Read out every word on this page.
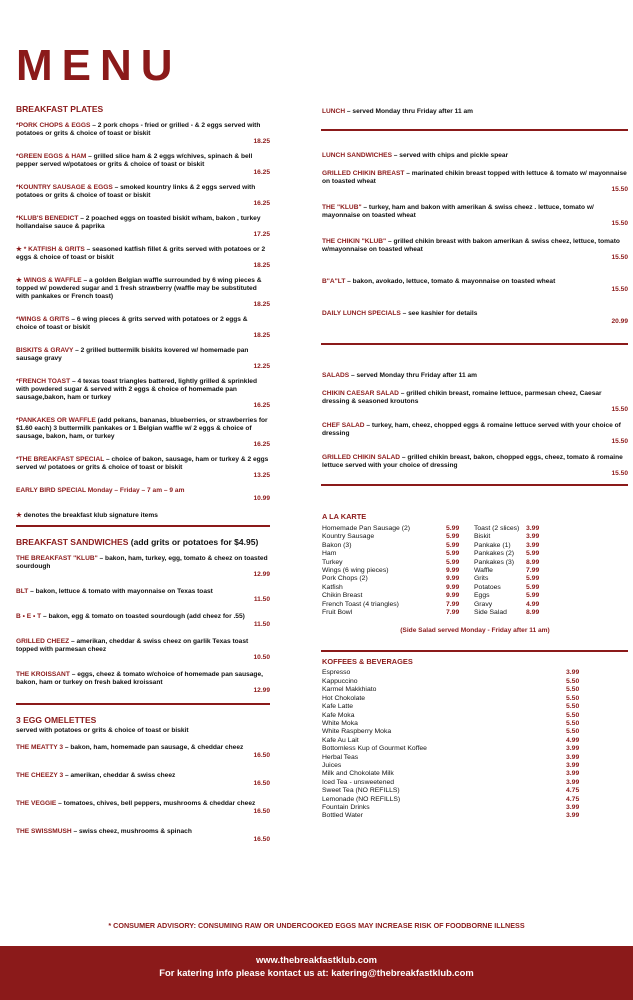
MENU
BREAKFAST PLATES
*PORK CHOPS & EGGS – 2 pork chops - fried or grilled - & 2 eggs served with potatoes or grits & choice of toast or biskit
18.25
*GREEN EGGS & HAM – grilled slice ham & 2 eggs w/chives, spinach & bell pepper served w/potatoes or grits & choice of toast or biskit
16.25
*KOUNTRY SAUSAGE & EGGS – smoked kountry links & 2 eggs served with potatoes or grits & choice of toast or biskit
16.25
*KLUB'S BENEDICT – 2 poached eggs on toasted biskit w/ham, bakon , turkey hollandaise sauce & paprika
17.25
★ * KATFISH & GRITS – seasoned katfish fillet & grits served with potatoes or 2 eggs & choice of toast or biskit
18.25
★ WINGS & WAFFLE – a golden Belgian waffle surrounded by 6 wing pieces & topped w/ powdered sugar and 1 fresh strawberry (waffle may be substituted with pankakes or French toast)
18.25
*WINGS & GRITS – 6 wing pieces & grits served with potatoes or 2 eggs & choice of toast or biskit
18.25
BISKITS & GRAVY – 2 grilled buttermilk biskits kovered w/ homemade pan sausage gravy
12.25
*FRENCH TOAST – 4 texas toast triangles battered, lightly grilled & sprinkled with powdered sugar & served with 2 eggs & choice of homemade pan sausage,bakon, ham or turkey
16.25
*PANKAKES OR WAFFLE (add pekans, bananas, blueberries, or strawberries for $1.60 each) 3 buttermilk pankakes or 1 Belgian waffle w/ 2 eggs & choice of sausage, bakon, ham, or turkey
16.25
*THE BREAKFAST SPECIAL – choice of bakon, sausage, ham or turkey & 2 eggs served w/ potatoes or grits & choice of toast or biskit
13.25
EARLY BIRD SPECIAL Monday – Friday – 7 am – 9 am
10.99
★ denotes the breakfast klub signature items
BREAKFAST SANDWICHES (add grits or potatoes for $4.95)
THE BREAKFAST "KLUB" – bakon, ham, turkey, egg, tomato & cheez on toasted sourdough
12.99
BLT – bakon, lettuce & tomato with mayonnaise on Texas toast
11.50
B • E • T – bakon, egg & tomato on toasted sourdough (add cheez for .55)
11.50
GRILLED CHEEZ – amerikan, cheddar & swiss cheez on garlik Texas toast topped with parmesan cheez
10.50
THE KROISSANT – eggs, cheez & tomato w/choice of homemade pan sausage, bakon, ham or turkey on fresh baked kroissant
12.99
3 EGG OMELETTES
served with potatoes or grits & choice of toast or biskit
THE MEATTY 3 – bakon, ham, homemade pan sausage, & cheddar cheez
16.50
THE CHEEZY 3 – amerikan, cheddar & swiss cheez
16.50
THE VEGGIE – tomatoes, chives, bell peppers, mushrooms & cheddar cheez
16.50
THE SWISSMUSH – swiss cheez, mushrooms & spinach
16.50
LUNCH – served Monday thru Friday after 11 am
LUNCH SANDWICHES – served with chips and pickle spear
GRILLED CHIKIN BREAST – marinated chikin breast topped with lettuce & tomato w/ mayonnaise on toasted wheat
15.50
THE "KLUB" – turkey, ham and bakon with amerikan & swiss cheez . lettuce, tomato w/ mayonnaise on toasted wheat
15.50
THE CHIKIN "KLUB" – grilled chikin breast with bakon amerikan & swiss cheez, lettuce, tomato w/mayonnaise on toasted wheat
15.50
B"A"LT – bakon, avokado, lettuce, tomato & mayonnaise on toasted wheat
15.50
DAILY LUNCH SPECIALS – see kashier for details
20.99
SALADS – served Monday thru Friday after 11 am
CHIKIN CAESAR SALAD – grilled chikin breast, romaine lettuce, parmesan cheez, Caesar dressing & seasoned kroutons
15.50
CHEF SALAD – turkey, ham, cheez, chopped eggs & romaine lettuce served with your choice of dressing
15.50
GRILLED CHIKIN SALAD – grilled chikin breast, bakon, chopped eggs, cheez, tomato & romaine lettuce served with your choice of dressing
15.50
A LA KARTE
Homemade Pan Sausage (2)	5.99	Toast (2 slices) 3.99
Kountry Sausage	5.99	Biskit	3.99
Bakon (3)	5.99	Pankake (1)	3.99
Ham	5.99	Pankakes (2)	5.99
Turkey	5.99	Pankakes (3)	8.99
Wings (6 wing pieces)	9.99	Waffle	7.99
Pork Chops (2)	9.99	Grits	5.99
Katfish	9.99	Potatoes	5.99
Chikin Breast	9.99	Eggs	5.99
French Toast (4 triangles)	7.99	Gravy	4.99
Fruit Bowl	7.99	Side Salad	8.99
(Side Salad served Monday - Friday after 11 am)
KOFFEES & BEVERAGES
Espresso	3.99
Kappuccino	5.50
Karmel Makkhiato	5.50
Hot Chokolate	5.50
Kafe Latte	5.50
Kafe Moka	5.50
White Moka	5.50
White Raspberry Moka	5.50
Kafe Au Lait	4.99
Bottomless Kup of Gourmet Koffee	3.99
Herbal Teas	3.99
Juices	3.99
Milk and Chokolate Milk	3.99
Iced Tea - unsweetened	3.99
Sweet Tea (NO REFILLS)	4.75
Lemonade (NO REFILLS)	4.75
Fountain Drinks	3.99
Bottled Water	3.99
* CONSUMER ADVISORY: CONSUMING RAW OR UNDERCOOKED EGGS MAY INCREASE RISK OF FOODBORNE ILLNESS
www.thebreakfastklub.com
For katering info please kontact us at: katering@thebreakfastklub.com
